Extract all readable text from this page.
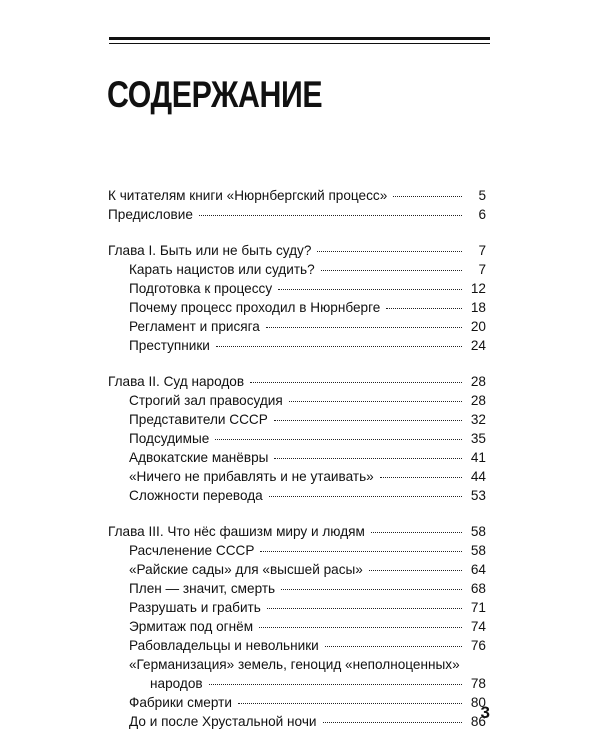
СОДЕРЖАНИЕ
К читателям книги «Нюрнбергский процесс»	5
Предисловие	6
Глава I. Быть или не быть суду?	7
Карать нацистов или судить?	7
Подготовка к процессу	12
Почему процесс проходил в Нюрнберге	18
Регламент и присяга	20
Преступники	24
Глава II. Суд народов	28
Строгий зал правосудия	28
Представители СССР	32
Подсудимые	35
Адвокатские манёвры	41
«Ничего не прибавлять и не утаивать»	44
Сложности перевода	53
Глава III. Что нёс фашизм миру и людям	58
Расчленение СССР	58
«Райские сады» для «высшей расы»	64
Плен — значит, смерть	68
Разрушать и грабить	71
Эрмитаж под огнём	74
Рабовладельцы и невольники	76
«Германизация» земель, геноцид «неполноценных»
народов	78
Фабрики смерти	80
До и после Хрустальной ночи	86
3
